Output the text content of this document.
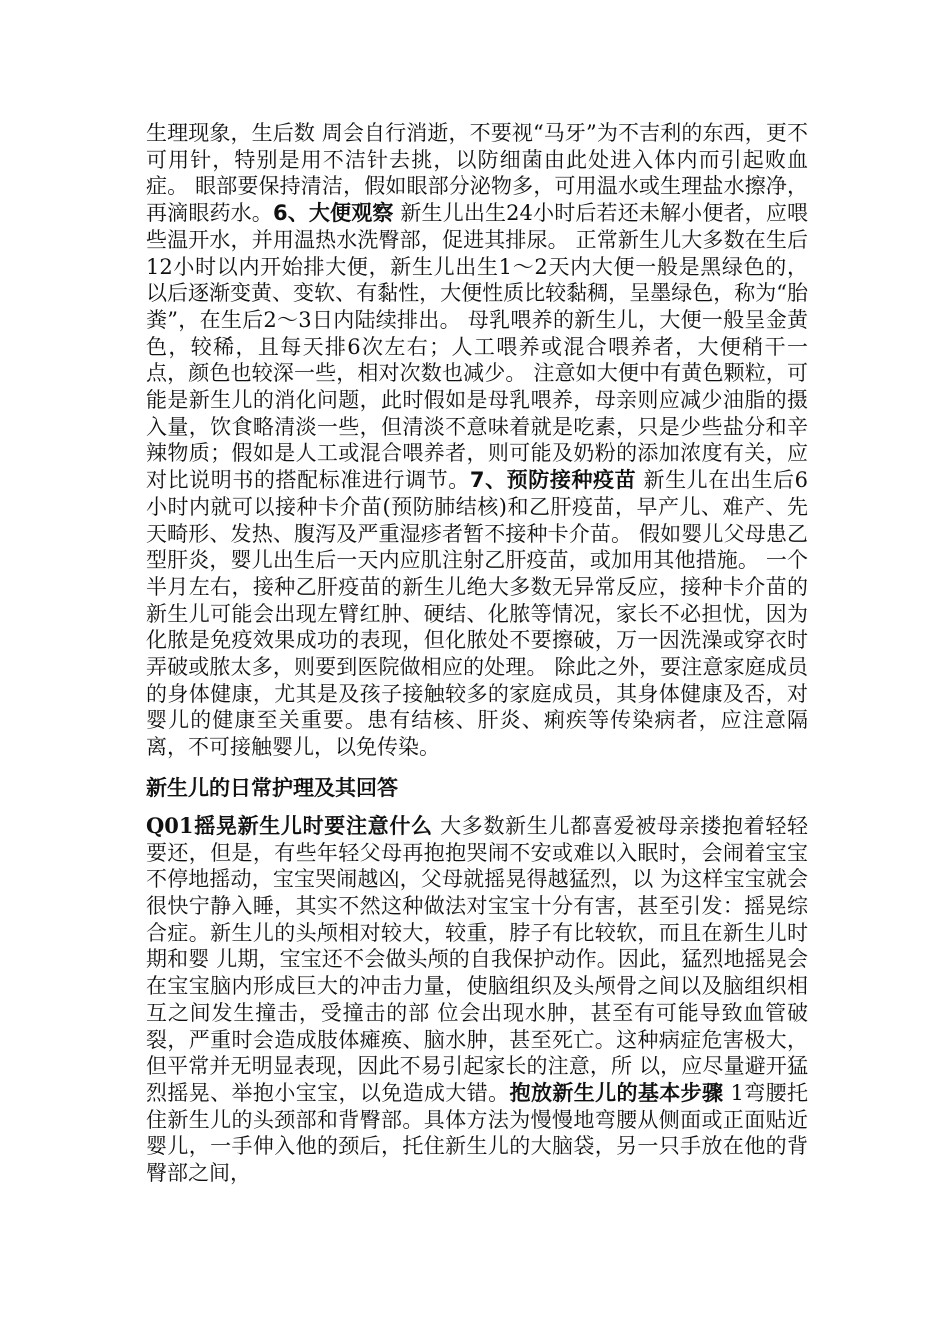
生理现象，生后数 周会自行消逝，不要视“马牙”为不吉利的东西，更不可用针，特别是用不洁针去挑，以防细菌由此处进入体内而引起败血症。 眼部要保持清洁，假如眼部分泌物多，可用温水或生理盐水擦净，再滴眼药水。6、大便观察 新生儿出生24小时后若还未解小便者，应喂些温开水，并用温热水洗臀部，促进其排尿。 正常新生儿大多数在生后12小时以内开始排大便，新生儿出生1～2天内大便一般是黑绿色的，以后逐渐变黄、变软、有黏性，大便性质比较黏稠，呈墨绿色，称为“胎粪”，在生后2～3日内陆续排出。 母乳喂养的新生儿，大便一般呈金黄色，较稀，且每天排6次左右；人工喂养或混合喂养者，大便稍干一点，颜色也较深一些，相对次数也减少。 注意如大便中有黄色颗粒，可能是新生儿的消化问题，此时假如是母乳喂养，母亲则应减少油脂的摄入量，饮食略清淡一些，但清淡不意味着就是吃素，只是少些盐分和辛辣物质；假如是人工或混合喂养者，则可能及奶粉的添加浓度有关，应对比说明书的搭配标准进行调节。7、预防接种疫苗 新生儿在出生后6小时内就可以接种卡介苗(预防肺结核)和乙肝疫苗，早产儿、难产、先天畸形、发热、腹泻及严重湿疹者暂不接种卡介苗。 假如婴儿父母患乙型肝炎，婴儿出生后一天内应肌注射乙肝疫苗，或加用其他措施。 一个半月左右，接种乙肝疫苗的新生儿绝大多数无异常反应，接种卡介苗的新生儿可能会出现左臂红肿、硬结、化脓等情况，家长不必担忧，因为化脓是免疫效果成功的表现，但化脓处不要擦破，万一因洗澡或穿衣时弄破或脓太多，则要到医院做相应的处理。 除此之外，要注意家庭成员的身体健康，尤其是及孩子接触较多的家庭成员，其身体健康及否，对婴儿的健康至关重要。患有结核、肝炎、痢疾等传染病者，应注意隔离，不可接触婴儿，以免传染。

新生儿的日常护理及其回答

Q01摇晃新生儿时要注意什么 大多数新生儿都喜爱被母亲搂抱着轻轻要还，但是，有些年轻父母再抱抱哭闹不安或难以入眠时，会闹着宝宝不停地摇动，宝宝哭闹越凶，父母就摇晃得越猛烈，以 为这样宝宝就会很快宁静入睡，其实不然这种做法对宝宝十分有害，甚至引发：摇晃综合症。新生儿的头颅相对较大，较重，脖子有比较软，而且在新生儿时期和婴 儿期，宝宝还不会做头颅的自我保护动作。因此，猛烈地摇晃会在宝宝脑内形成巨大的冲击力量，使脑组织及头颅骨之间以及脑组织相互之间发生撞击，受撞击的部 位会出现水肿，甚至有可能导致血管破裂，严重时会造成肢体瘫痪、脑水肿，甚至死亡。这种病症危害极大，但平常并无明显表现，因此不易引起家长的注意，所 以，应尽量避开猛烈摇晃、举抱小宝宝，以免造成大错。抱放新生儿的基本步骤 1弯腰托住新生儿的头颈部和背臀部。具体方法为慢慢地弯腰从侧面或正面贴近婴儿，一手伸入他的颈后，托住新生儿的大脑袋，另一只手放在他的背臀部之间，
